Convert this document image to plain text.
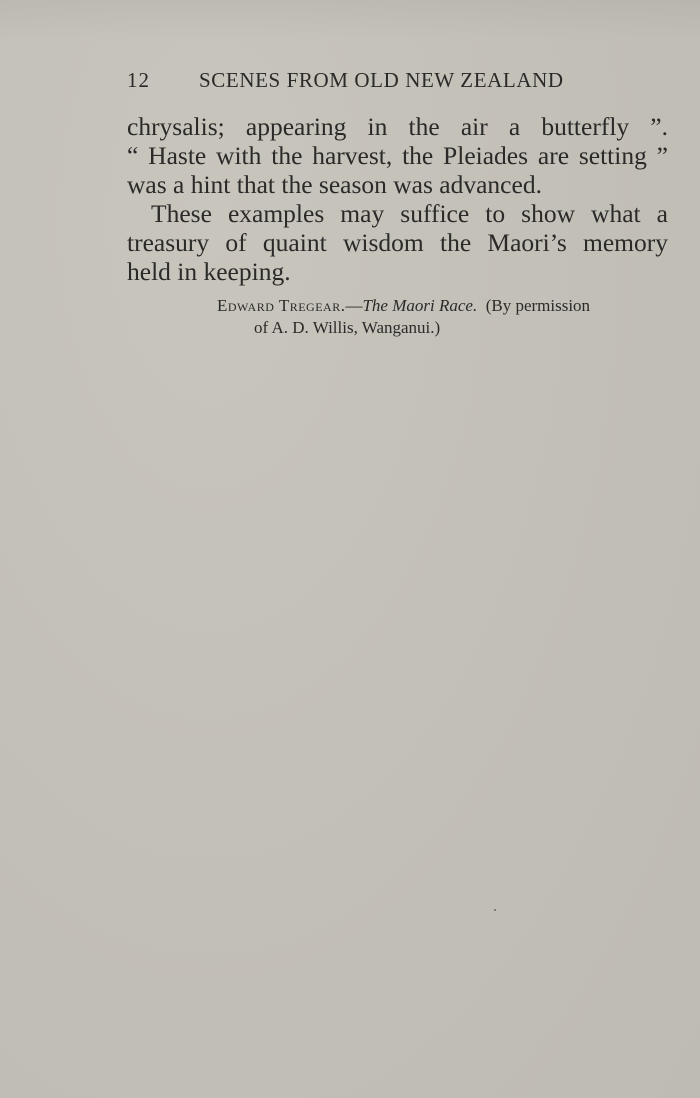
12 SCENES FROM OLD NEW ZEALAND
chrysalis; appearing in the air a butterfly ”.
“ Haste with the harvest, the Pleiades are setting ”
was a hint that the season was advanced.
These examples may suffice to show what a
treasury of quaint wisdom the Maori’s memory
held in keeping.
Edward Tregear.—The Maori Race. (By permission
of A. D. Willis, Wanganui.)
